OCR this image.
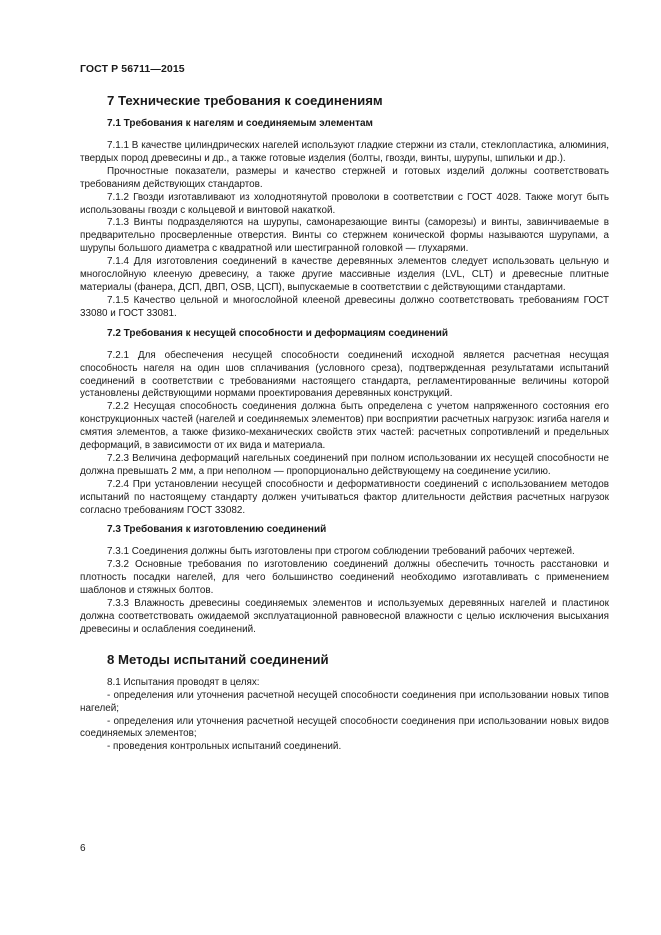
ГОСТ Р 56711—2015
7 Технические требования к соединениям
7.1 Требования к нагелям и соединяемым элементам

7.1.1 В качестве цилиндрических нагелей используют гладкие стержни из стали, стеклопластика, алюминия, твердых пород древесины и др., а также готовые изделия (болты, гвозди, винты, шурупы, шпильки и др.).

Прочностные показатели, размеры и качество стержней и готовых изделий должны соответствовать требованиям действующих стандартов.

7.1.2 Гвозди изготавливают из холоднотянутой проволоки в соответствии с ГОСТ 4028. Также могут быть использованы гвозди с кольцевой и винтовой накаткой.

7.1.3 Винты подразделяются на шурупы, самонарезающие винты (саморезы) и винты, завинчиваемые в предварительно просверленные отверстия. Винты со стержнем конической формы называются шурупами, а шурупы большого диаметра с квадратной или шестигранной головкой — глухарями.

7.1.4 Для изготовления соединений в качестве деревянных элементов следует использовать цельную и многослойную клееную древесину, а также другие массивные изделия (LVL, CLT) и древесные плитные материалы (фанера, ДСП, ДВП, OSB, ЦСП), выпускаемые в соответствии с действующими стандартами.

7.1.5 Качество цельной и многослойной клееной древесины должно соответствовать требованиям ГОСТ 33080 и ГОСТ 33081.

7.2 Требования к несущей способности и деформациям соединений

7.2.1 Для обеспечения несущей способности соединений исходной является расчетная несущая способность нагеля на один шов сплачивания (условного среза), подтвержденная результатами испытаний соединений в соответствии с требованиями настоящего стандарта, регламентированные величины которой установлены действующими нормами проектирования деревянных конструкций.

7.2.2 Несущая способность соединения должна быть определена с учетом напряженного состояния его конструкционных частей (нагелей и соединяемых элементов) при восприятии расчетных нагрузок: изгиба нагеля и смятия элементов, а также физико-механических свойств этих частей: расчетных сопротивлений и предельных деформаций, в зависимости от их вида и материала.

7.2.3 Величина деформаций нагельных соединений при полном использовании их несущей способности не должна превышать 2 мм, а при неполном — пропорционально действующему на соединение усилию.

7.2.4 При установлении несущей способности и деформативности соединений с использованием методов испытаний по настоящему стандарту должен учитываться фактор длительности действия расчетных нагрузок согласно требованиям ГОСТ 33082.

7.3 Требования к изготовлению соединений

7.3.1 Соединения должны быть изготовлены при строгом соблюдении требований рабочих чертежей.

7.3.2 Основные требования по изготовлению соединений должны обеспечить точность расстановки и плотность посадки нагелей, для чего большинство соединений необходимо изготавливать с применением шаблонов и стяжных болтов.

7.3.3 Влажность древесины соединяемых элементов и используемых деревянных нагелей и пластинок должна соответствовать ожидаемой эксплуатационной равновесной влажности с целью исключения высыхания древесины и ослабления соединений.

8 Методы испытаний соединений

8.1 Испытания проводят в целях:

- определения или уточнения расчетной несущей способности соединения при использовании новых типов нагелей;

- определения или уточнения расчетной несущей способности соединения при использовании новых видов соединяемых элементов;

- проведения контрольных испытаний соединений.

6
